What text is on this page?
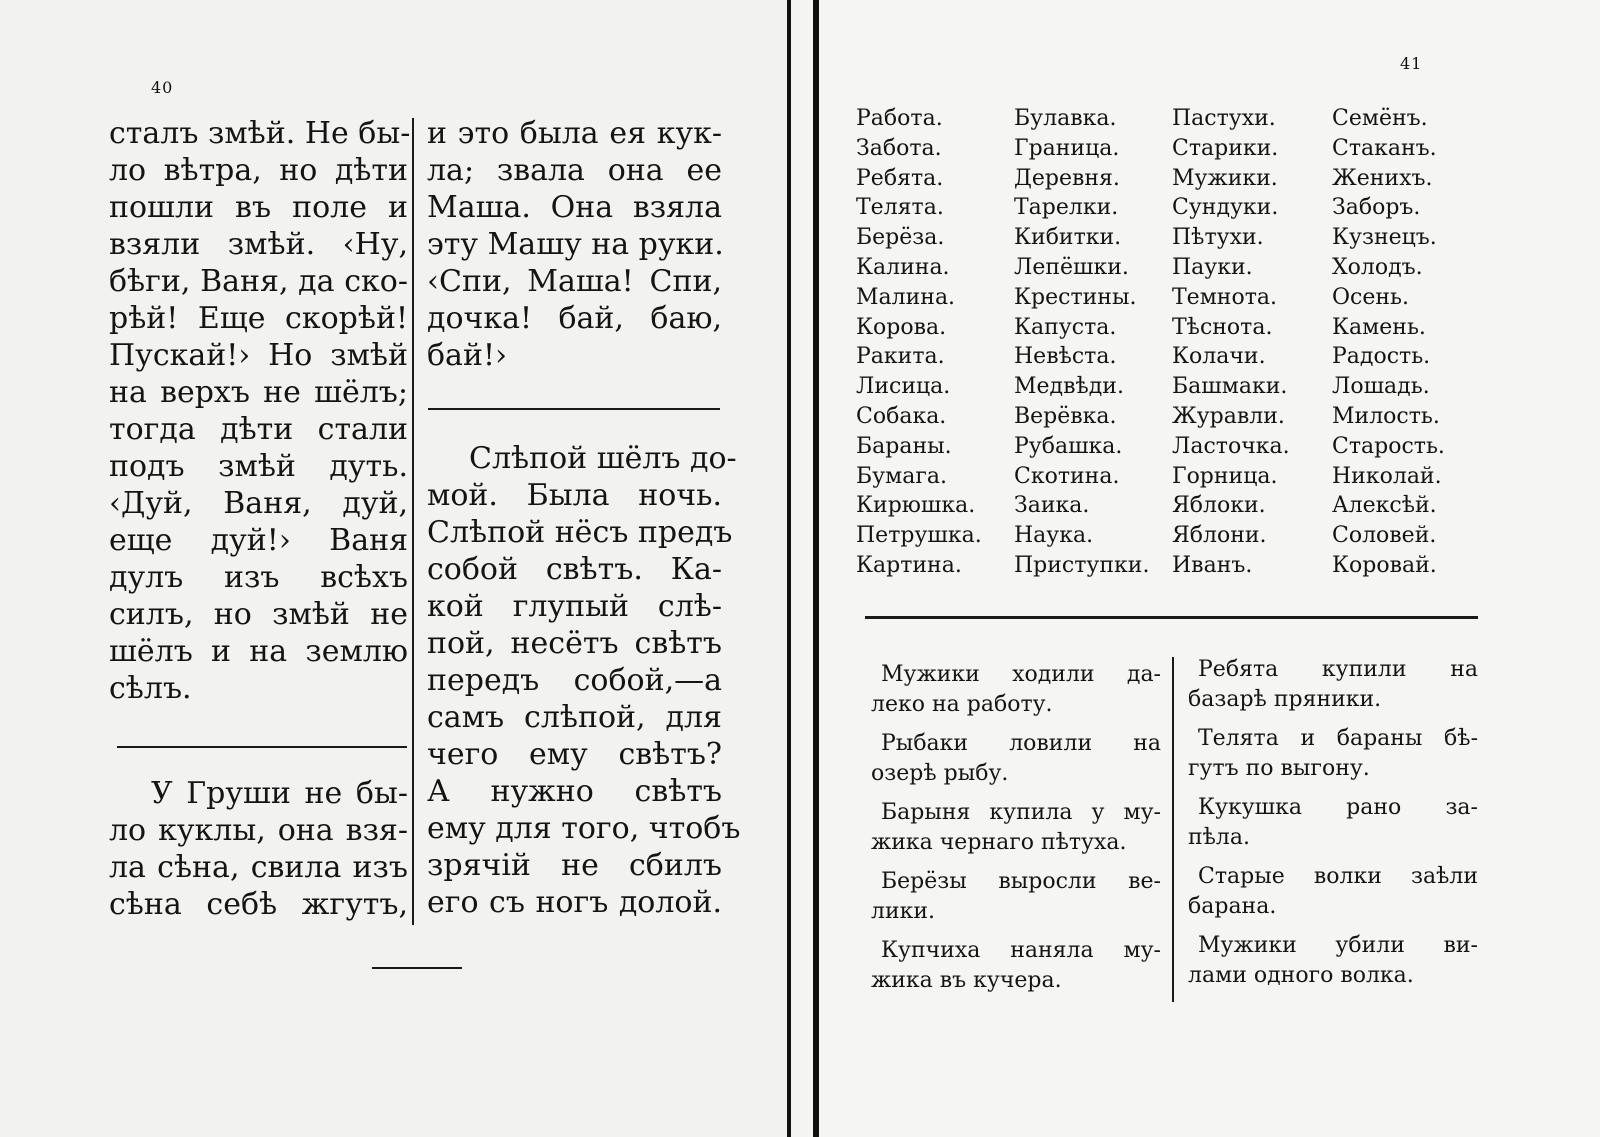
40
41
сталъ змѣй. Не бы-
ло вѣтра, но дѣти
пошли въ поле и
взяли змѣй. ‹Ну,
бѣги, Ваня, да ско-
рѣй! Еще скорѣй!
Пускай!› Но змѣй
на верхъ не шёлъ;
тогда дѣти стали
подъ змѣй дуть.
‹Дуй, Ваня, дуй,
еще дуй!› Ваня
дулъ изъ всѣхъ
силъ, но змѣй не
шёлъ и на землю
сѣлъ.
и это была ея кук-
ла; звала она ее
Маша. Она взяла
эту Машу на руки.
‹Спи, Маша! Спи,
дочка! бай, баю,
бай!›
У Груши не бы-
ло куклы, она взя-
ла сѣна, свила изъ
сѣна себѣ жгутъ,
Слѣпой шёлъ до-
мой. Была ночь.
Слѣпой нёсъ предъ
собой свѣтъ. Ка-
кой глупый слѣ-
пой, несётъ свѣтъ
передъ собой,—а
самъ слѣпой, для
чего ему свѣтъ?
А нужно свѣтъ
ему для того, чтобъ
зрячій не сбилъ
его съ ногъ долой.
Работа.
Забота.
Ребята.
Телята.
Берёза.
Калина.
Малина.
Корова.
Ракита.
Лисица.
Собака.
Бараны.
Бумага.
Кирюшка.
Петрушка.
Картина.
Булавка.
Граница.
Деревня.
Тарелки.
Кибитки.
Лепёшки.
Крестины.
Капуста.
Невѣста.
Медвѣди.
Верёвка.
Рубашка.
Скотина.
Заика.
Наука.
Приступки.
Пастухи.
Старики.
Мужики.
Сундуки.
Пѣтухи.
Пауки.
Темнота.
Тѣснота.
Колачи.
Башмаки.
Журавли.
Ласточка.
Горница.
Яблоки.
Яблони.
Иванъ.
Семёнъ.
Стаканъ.
Женихъ.
Заборъ.
Кузнецъ.
Холодъ.
Осень.
Камень.
Радость.
Лошадь.
Милость.
Старость.
Николай.
Алексѣй.
Соловей.
Коровай.
Мужики ходили да-
леко на работу.
Рыбаки ловили на
озерѣ рыбу.
Барыня купила у му-
жика чернаго пѣтуха.
Берёзы выросли ве-
лики.
Купчиха наняла му-
жика въ кучера.
Ребята купили на
базарѣ пряники.
Телята и бараны бѣ-
гутъ по выгону.
Кукушка рано за-
пѣла.
Старые волки заѣли
барана.
Мужики убили ви-
лами одного волка.
